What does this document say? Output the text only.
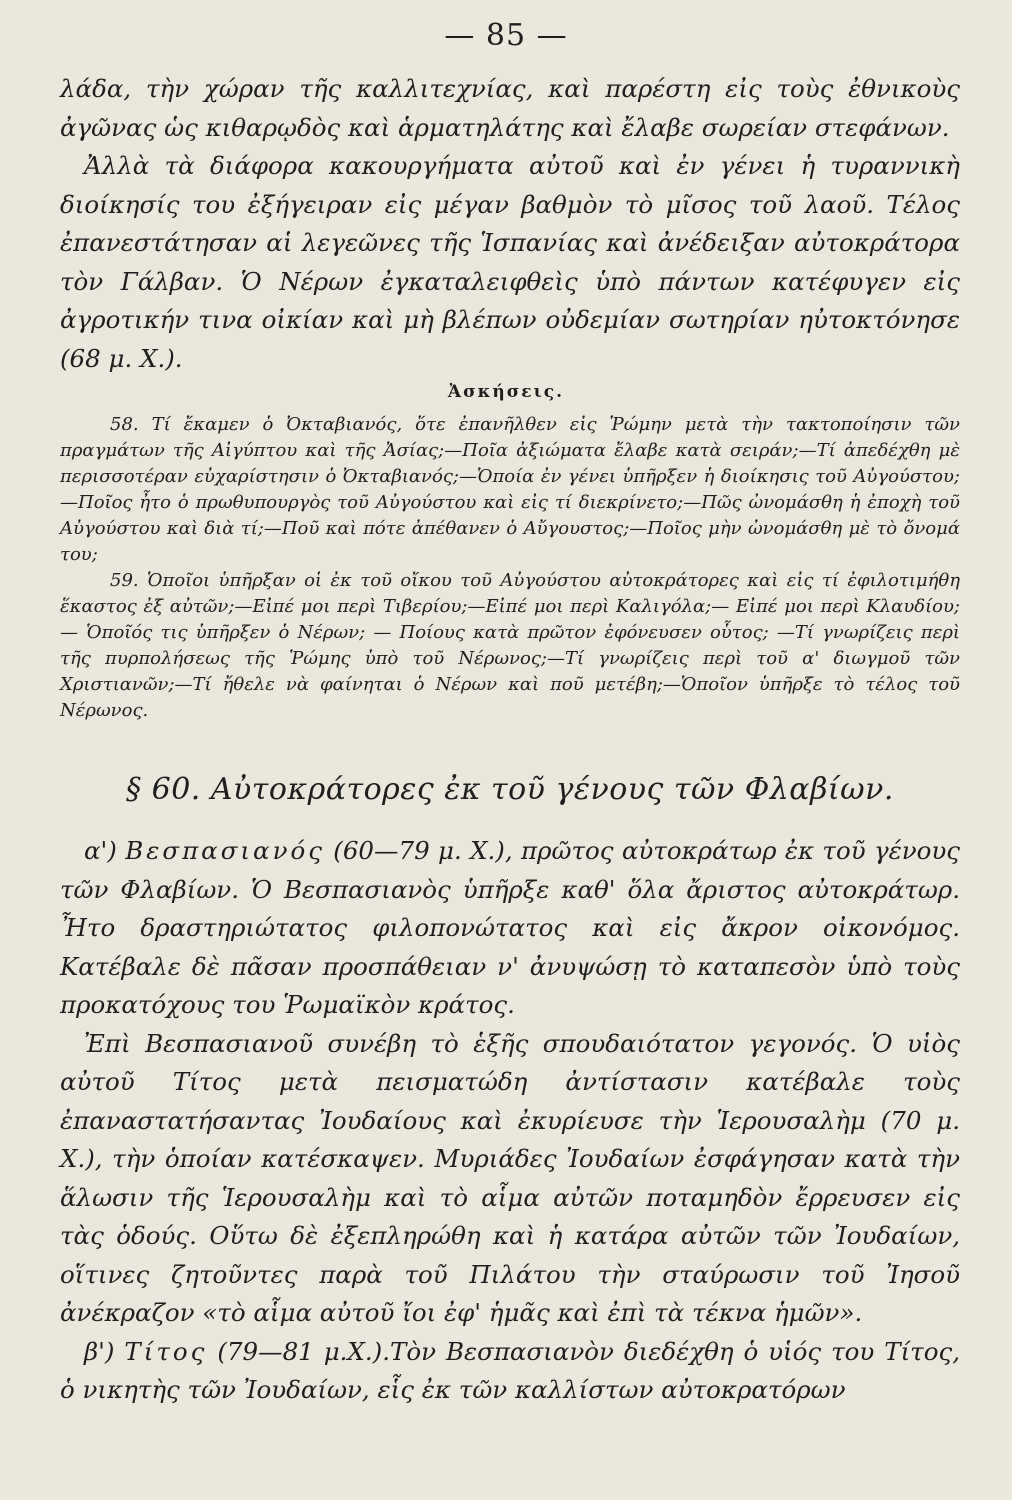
— 85 —

λάδα, τὴν χώραν τῆς καλλιτεχνίας, καὶ παρέστη εἰς τοὺς ἐθνικοὺς ἀγῶνας ὡς κιθαρῳδὸς καὶ ἁρματηλάτης καὶ ἔλαβε σωρείαν στεφάνων.

Ἀλλὰ τὰ διάφορα κακουργήματα αὐτοῦ καὶ ἐν γένει ἡ τυραννικὴ διοίκησίς του ἐξήγειραν εἰς μέγαν βαθμὸν τὸ μῖσος τοῦ λαοῦ. Τέλος ἐπανεστάτησαν αἱ λεγεῶνες τῆς Ἱσπανίας καὶ ἀνέδειξαν αὐτοκράτορα τὸν Γάλβαν. Ὁ Νέρων ἐγκαταλειφθεὶς ὑπὸ πάντων κατέφυγεν εἰς ἀγροτικήν τινα οἰκίαν καὶ μὴ βλέπων οὐδεμίαν σωτηρίαν ηὐτοκτόνησε (68 μ. Χ.).

Ἀσκήσεις.

58. Τί ἔκαμεν ὁ Ὀκταβιανός, ὅτε ἐπανῆλθεν εἰς Ῥώμην μετὰ τὴν τακτοποίησιν τῶν πραγμάτων τῆς Αἰγύπτου καὶ τῆς Ἀσίας;—Ποῖα ἀξιώματα ἔλαβε κατὰ σειράν;—Τί ἀπεδέχθη μὲ περισσοτέραν εὐχαρίστησιν ὁ Ὀκταβιανός;—Ὁποία ἐν γένει ὑπῆρξεν ἡ διοίκησις τοῦ Αὐγούστου;—Ποῖος ἦτο ὁ πρωθυπουργὸς τοῦ Αὐγούστου καὶ εἰς τί διεκρίνετο;—Πῶς ὠνομάσθη ἡ ἐποχὴ τοῦ Αὐγούστου καὶ διὰ τί;—Ποῦ καὶ πότε ἀπέθανεν ὁ Αὔγουστος;—Ποῖος μὴν ὠνομάσθη μὲ τὸ ὄνομά του;

59. Ὁποῖοι ὑπῆρξαν οἱ ἐκ τοῦ οἴκου τοῦ Αὐγούστου αὐτοκράτορες καὶ εἰς τί ἐφιλοτιμήθη ἕκαστος ἐξ αὐτῶν;—Εἰπέ μοι περὶ Τιβερίου;—Εἰπέ μοι περὶ Καλιγόλα;— Εἰπέ μοι περὶ Κλαυδίου; — Ὁποῖός τις ὑπῆρξεν ὁ Νέρων; — Ποίους κατὰ πρῶτον ἐφόνευσεν οὗτος; —Τί γνωρίζεις περὶ τῆς πυρπολήσεως τῆς Ῥώμης ὑπὸ τοῦ Νέρωνος;—Τί γνωρίζεις περὶ τοῦ α' διωγμοῦ τῶν Χριστιανῶν;—Τί ἤθελε νὰ φαίνηται ὁ Νέρων καὶ ποῦ μετέβη;—Ὁποῖον ὑπῆρξε τὸ τέλος τοῦ Νέρωνος.

§ 60. Αὐτοκράτορες ἐκ τοῦ γένους τῶν Φλαβίων.

α') Βεσπασιανός (60—79 μ. Χ.), πρῶτος αὐτοκράτωρ ἐκ τοῦ γένους τῶν Φλαβίων. Ὁ Βεσπασιανὸς ὑπῆρξε καθ' ὅλα ἄριστος αὐτοκράτωρ. Ἦτο δραστηριώτατος φιλοπονώτατος καὶ εἰς ἄκρον οἰκονόμος. Κατέβαλε δὲ πᾶσαν προσπάθειαν ν' ἀνυψώσῃ τὸ καταπεσὸν ὑπὸ τοὺς προκατόχους του Ῥωμαϊκὸν κράτος.

Ἐπὶ Βεσπασιανοῦ συνέβη τὸ ἑξῆς σπουδαιότατον γεγονός. Ὁ υἱὸς αὐτοῦ Τίτος μετὰ πεισματώδη ἀντίστασιν κατέβαλε τοὺς ἐπαναστατήσαντας Ἰουδαίους καὶ ἐκυρίευσε τὴν Ἱερουσαλὴμ (70 μ. Χ.), τὴν ὁποίαν κατέσκαψεν. Μυριάδες Ἰουδαίων ἐσφάγησαν κατὰ τὴν ἅλωσιν τῆς Ἱερουσαλὴμ καὶ τὸ αἷμα αὐτῶν ποταμηδὸν ἔρρευσεν εἰς τὰς ὁδούς. Οὕτω δὲ ἐξεπληρώθη καὶ ἡ κατάρα αὐτῶν τῶν Ἰουδαίων, οἵτινες ζητοῦντες παρὰ τοῦ Πιλάτου τὴν σταύρωσιν τοῦ Ἰησοῦ ἀνέκραζον «τὸ αἷμα αὐτοῦ ἴοι ἐφ' ἡμᾶς καὶ ἐπὶ τὰ τέκνα ἡμῶν».

β') Τίτος (79—81 μ.Χ.).Τὸν Βεσπασιανὸν διεδέχθη ὁ υἱός του Τίτος, ὁ νικητὴς τῶν Ἰουδαίων, εἷς ἐκ τῶν καλλίστων αὐτοκρατόρων
